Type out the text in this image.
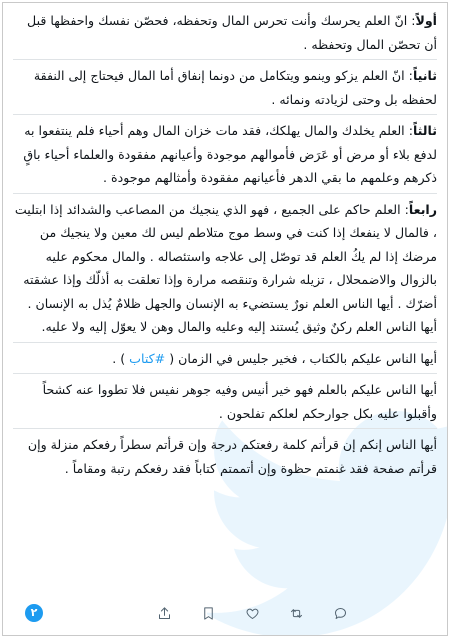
أولاً: انّ العلم يحرسك وأنت تحرس المال وتحفظه، فحصّن نفسك واحفظها قبل أن تحصّن المال وتحفظه .

ثانياً: انّ العلم يزكو وينمو ويتكامل من دونما إنفاق أما المال فيحتاج إلى النفقة لحفظه بل وحتى لزيادته ونمائه .

ثالثاً: العلم يخلدك والمال يهلكك، فقد مات خزان المال وهم أحياء فلم ينتفعوا به لدفع بلاء أو مرض أو عَرَض فأموالهم موجودة وأعيانهم مفقودة والعلماء أحياء باقٍ ذكرهم وعلمهم ما بقي الدهر فأعيانهم مفقودة وأمثالهم موجودة .

رابعاً: العلم حاكم على الجميع ، فهو الذي ينجيك من المصاعب والشدائد إذا ابتليت ، فالمال لا ينفعك إذا كنت في وسط موج متلاطم ليس لك معين ولا ينجيك من مرضك إذا لم يكُ العلم قد توصّل إلى علاجه واستئصاله . والمال محكوم عليه بالزوال والاضمحلال ، تزيله شرارة وتنقصه مرارة وإذا تعلقت به أذلّك وإذا عشقته أضرّك . أيها الناس العلم نورٌ يستضيء به الإنسان والجهل ظلامٌ يُذل به الإنسان . أيها الناس العلم ركنٌ وثيق يُستند إليه وعليه والمال وهن لا يعوّل إليه ولا عليه.

أيها الناس عليكم بالكتاب ، فخير جليس في الزمان ( #كتاب ) .

أيها الناس عليكم بالعلم فهو خير أنيس وفيه جوهر نفيس فلا تطووا عنه كشحاً وأقبلوا عليه بكل جوارحكم لعلكم تفلحون .

أيها الناس إنكم إن قرأتم كلمة رفعتكم درجة وإن قرأتم سطراً رفعكم منزلة وإن قرأتم صفحة فقد غنمتم حظوة وإن أتممتم كتاباً فقد رفعكم رتبة ومقاماً .

٢
